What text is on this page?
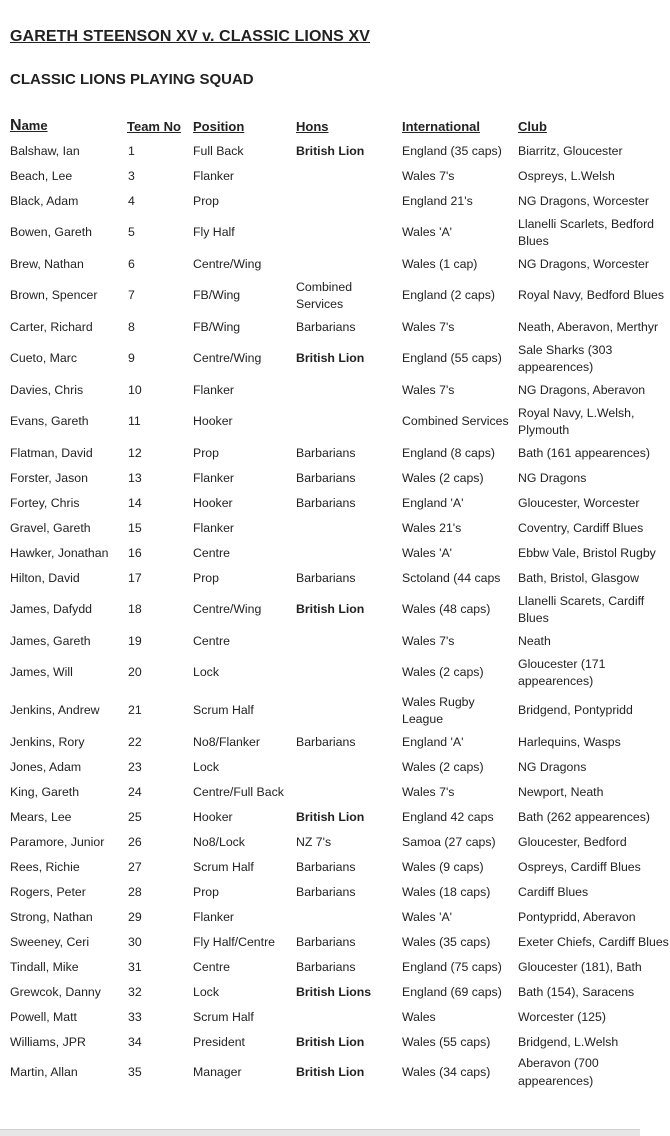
GARETH STEENSON XV v. CLASSIC LIONS XV
CLASSIC LIONS PLAYING SQUAD
Name	Team No	Position	Hons	International	Club
Balshaw, Ian	1	Full Back	British Lion	England (35 caps)	Biarritz, Gloucester
Beach, Lee	3	Flanker		Wales 7's	Ospreys, L.Welsh
Black, Adam	4	Prop		England 21's	NG Dragons, Worcester
Bowen, Gareth	5	Fly Half		Wales 'A'	Llanelli Scarlets, Bedford Blues
Brew, Nathan	6	Centre/Wing		Wales (1 cap)	NG Dragons, Worcester
Brown, Spencer	7	FB/Wing	Combined Services	England (2 caps)	Royal Navy, Bedford Blues
Carter, Richard	8	FB/Wing	Barbarians	Wales 7's	Neath, Aberavon, Merthyr
Cueto, Marc	9	Centre/Wing	British Lion	England (55 caps)	Sale Sharks (303 appearences)
Davies, Chris	10	Flanker		Wales 7's	NG Dragons, Aberavon
Evans, Gareth	11	Hooker		Combined Services	Royal Navy, L.Welsh, Plymouth
Flatman, David	12	Prop	Barbarians	England (8 caps)	Bath (161 appearences)
Forster, Jason	13	Flanker	Barbarians	Wales (2 caps)	NG Dragons
Fortey, Chris	14	Hooker	Barbarians	England 'A'	Gloucester, Worcester
Gravel, Gareth	15	Flanker		Wales 21's	Coventry, Cardiff Blues
Hawker, Jonathan	16	Centre		Wales 'A'	Ebbw Vale, Bristol Rugby
Hilton, David	17	Prop	Barbarians	Sctoland (44 caps	Bath, Bristol, Glasgow
James, Dafydd	18	Centre/Wing	British Lion	Wales (48 caps)	Llanelli Scarets, Cardiff Blues
James, Gareth	19	Centre		Wales 7's	Neath
James, Will	20	Lock		Wales (2 caps)	Gloucester (171 appearences)
Jenkins, Andrew	21	Scrum Half		Wales Rugby League	Bridgend, Pontypridd
Jenkins, Rory	22	No8/Flanker	Barbarians	England 'A'	Harlequins, Wasps
Jones, Adam	23	Lock		Wales (2 caps)	NG Dragons
King, Gareth	24	Centre/Full Back		Wales 7's	Newport, Neath
Mears, Lee	25	Hooker	British Lion	England 42 caps	Bath (262 appearences)
Paramore, Junior	26	No8/Lock	NZ 7's	Samoa (27 caps)	Gloucester, Bedford
Rees, Richie	27	Scrum Half	Barbarians	Wales (9 caps)	Ospreys, Cardiff Blues
Rogers, Peter	28	Prop	Barbarians	Wales (18 caps)	Cardiff Blues
Strong, Nathan	29	Flanker		Wales 'A'	Pontypridd, Aberavon
Sweeney, Ceri	30	Fly Half/Centre	Barbarians	Wales (35 caps)	Exeter Chiefs, Cardiff Blues
Tindall, Mike	31	Centre	Barbarians	England (75 caps)	Gloucester (181), Bath
Grewcok, Danny	32	Lock	British Lions	England (69 caps)	Bath (154), Saracens
Powell, Matt	33	Scrum Half		Wales	Worcester (125)
Williams, JPR	34	President	British Lion	Wales (55 caps)	Bridgend, L.Welsh
Martin, Allan	35	Manager	British Lion	Wales (34 caps)	Aberavon (700 appearences)
